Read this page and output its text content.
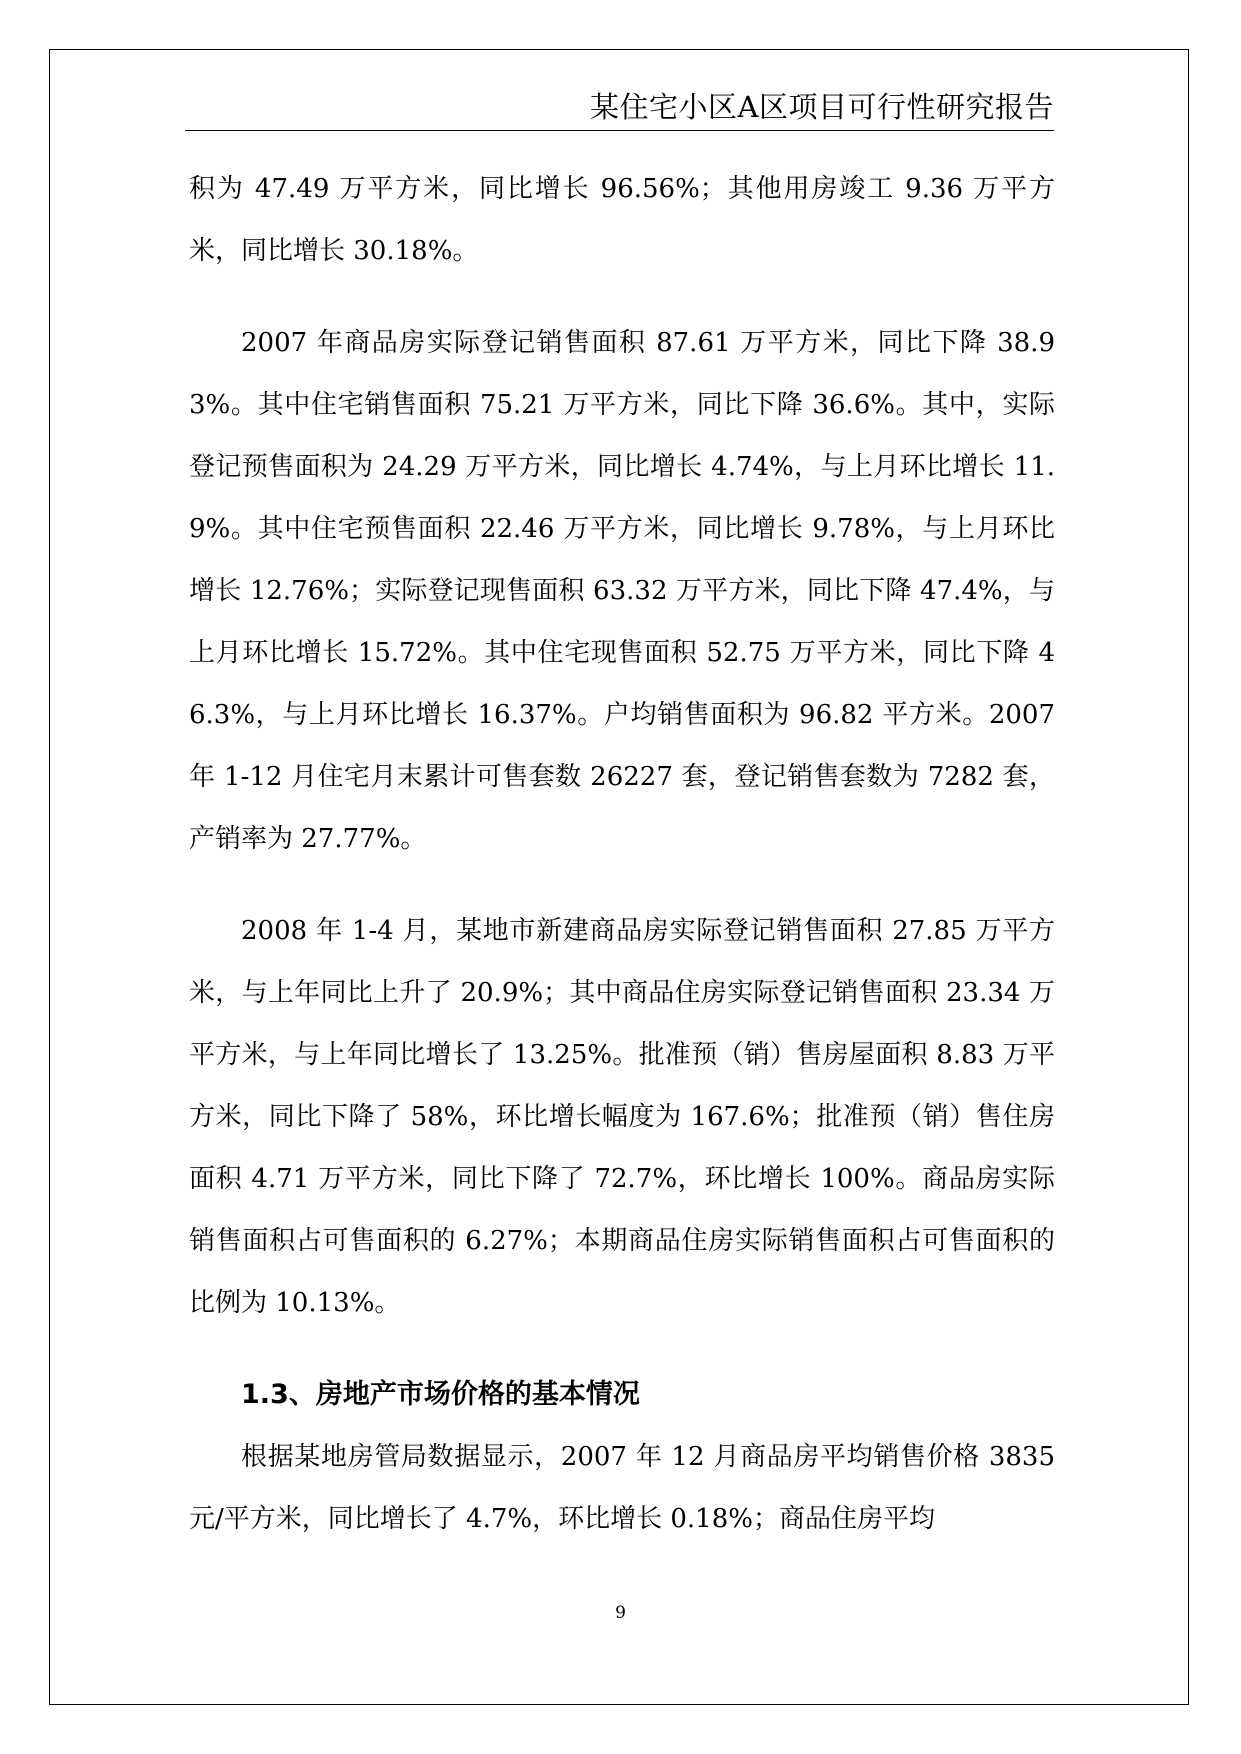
某住宅小区A区项目可行性研究报告

积为 47.49 万平方米，同比增长 96.56%；其他用房竣工 9.36 万平方米，同比增长 30.18%。

2007 年商品房实际登记销售面积 87.61 万平方米，同比下降 38.93%。其中住宅销售面积 75.21 万平方米，同比下降 36.6%。其中，实际登记预售面积为 24.29 万平方米，同比增长 4.74%，与上月环比增长 11.9%。其中住宅预售面积 22.46 万平方米，同比增长 9.78%，与上月环比增长 12.76%；实际登记现售面积 63.32 万平方米，同比下降 47.4%，与上月环比增长 15.72%。其中住宅现售面积 52.75 万平方米，同比下降 46.3%，与上月环比增长 16.37%。户均销售面积为 96.82 平方米。2007 年 1-12 月住宅月末累计可售套数 26227 套，登记销售套数为 7282 套，产销率为 27.77%。

2008 年 1-4 月，某地市新建商品房实际登记销售面积 27.85 万平方米，与上年同比上升了 20.9%；其中商品住房实际登记销售面积 23.34 万平方米，与上年同比增长了 13.25%。批准预（销）售房屋面积 8.83 万平方米，同比下降了 58%，环比增长幅度为 167.6%；批准预（销）售住房面积 4.71 万平方米，同比下降了 72.7%，环比增长 100%。商品房实际销售面积占可售面积的 6.27%；本期商品住房实际销售面积占可售面积的比例为 10.13%。

1.3、房地产市场价格的基本情况

根据某地房管局数据显示，2007 年 12 月商品房平均销售价格 3835 元/平方米，同比增长了 4.7%，环比增长 0.18%；商品住房平均

9
